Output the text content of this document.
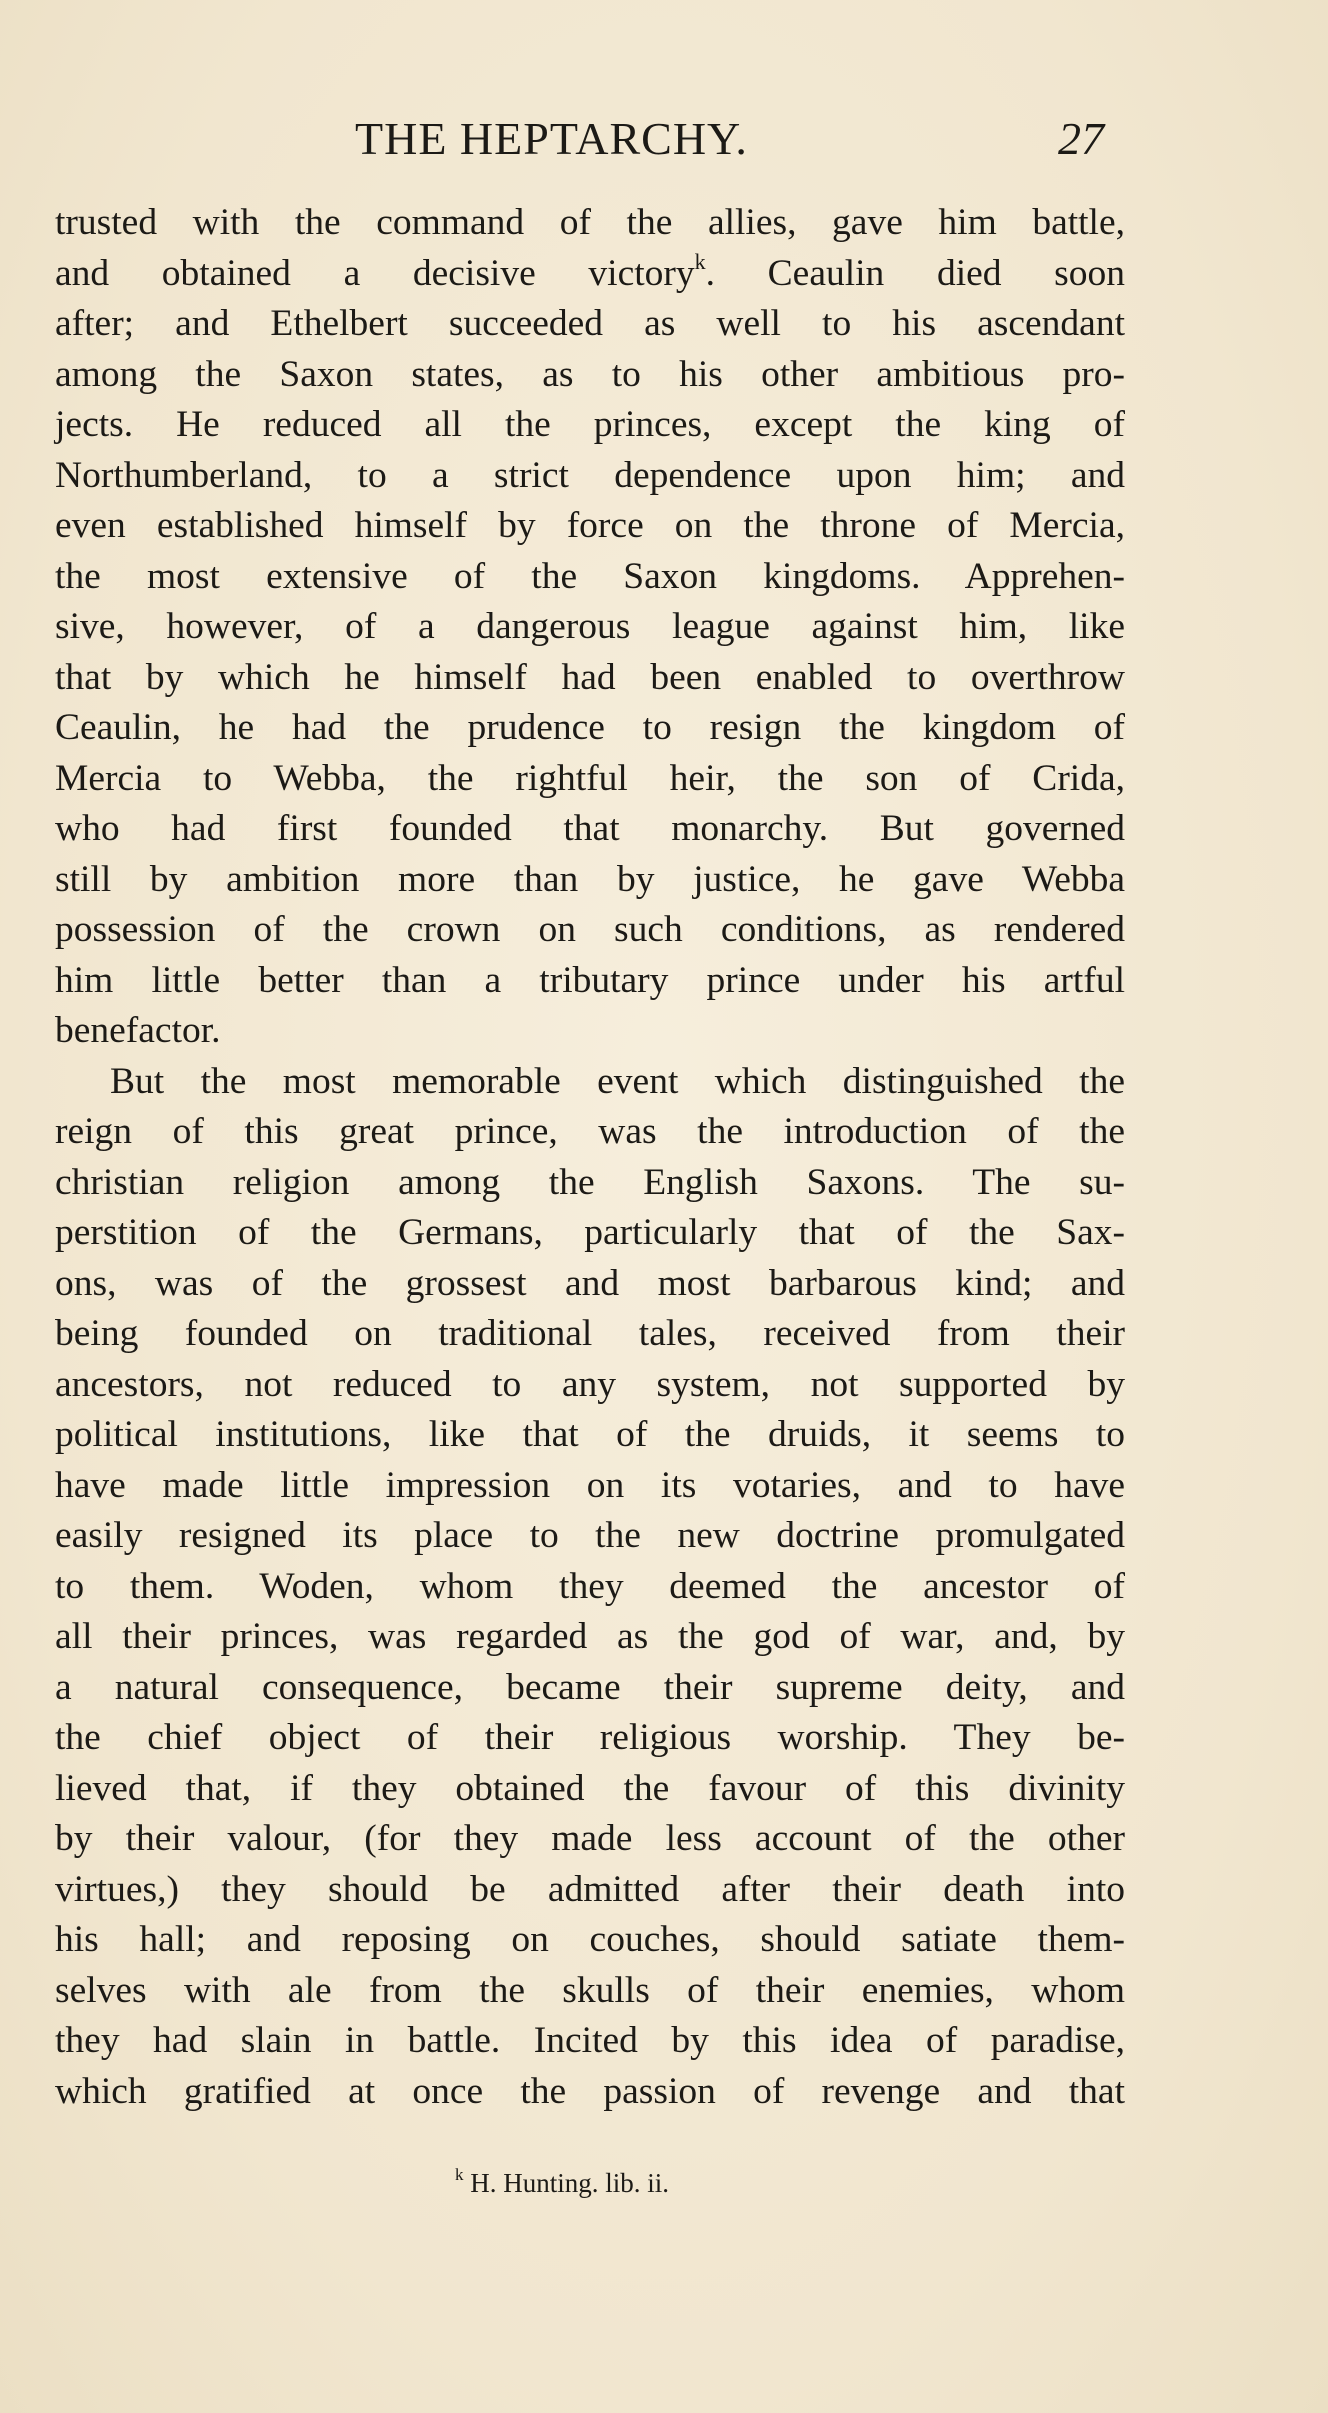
THE HEPTARCHY.	27
trusted with the command of the allies, gave him battle,
and obtained a decisive victory$^k$. Ceaulin died soon
after; and Ethelbert succeeded as well to his ascendant
among the Saxon states, as to his other ambitious pro-
jects. He reduced all the princes, except the king of
Northumberland, to a strict dependence upon him; and
even established himself by force on the throne of Mercia,
the most extensive of the Saxon kingdoms. Apprehen-
sive, however, of a dangerous league against him, like
that by which he himself had been enabled to overthrow
Ceaulin, he had the prudence to resign the kingdom of
Mercia to Webba, the rightful heir, the son of Crida,
who had first founded that monarchy. But governed
still by ambition more than by justice, he gave Webba
possession of the crown on such conditions, as rendered
him little better than a tributary prince under his artful
benefactor.
But the most memorable event which distinguished the
reign of this great prince, was the introduction of the
christian religion among the English Saxons. The su-
perstition of the Germans, particularly that of the Sax-
ons, was of the grossest and most barbarous kind; and
being founded on traditional tales, received from their
ancestors, not reduced to any system, not supported by
political institutions, like that of the druids, it seems to
have made little impression on its votaries, and to have
easily resigned its place to the new doctrine promulgated
to them. Woden, whom they deemed the ancestor of
all their princes, was regarded as the god of war, and, by
a natural consequence, became their supreme deity, and
the chief object of their religious worship. They be-
lieved that, if they obtained the favour of this divinity
by their valour, (for they made less account of the other
virtues,) they should be admitted after their death into
his hall; and reposing on couches, should satiate them-
selves with ale from the skulls of their enemies, whom
they had slain in battle. Incited by this idea of paradise,
which gratified at once the passion of revenge and that
$^k$ H. Hunting. lib. ii.
